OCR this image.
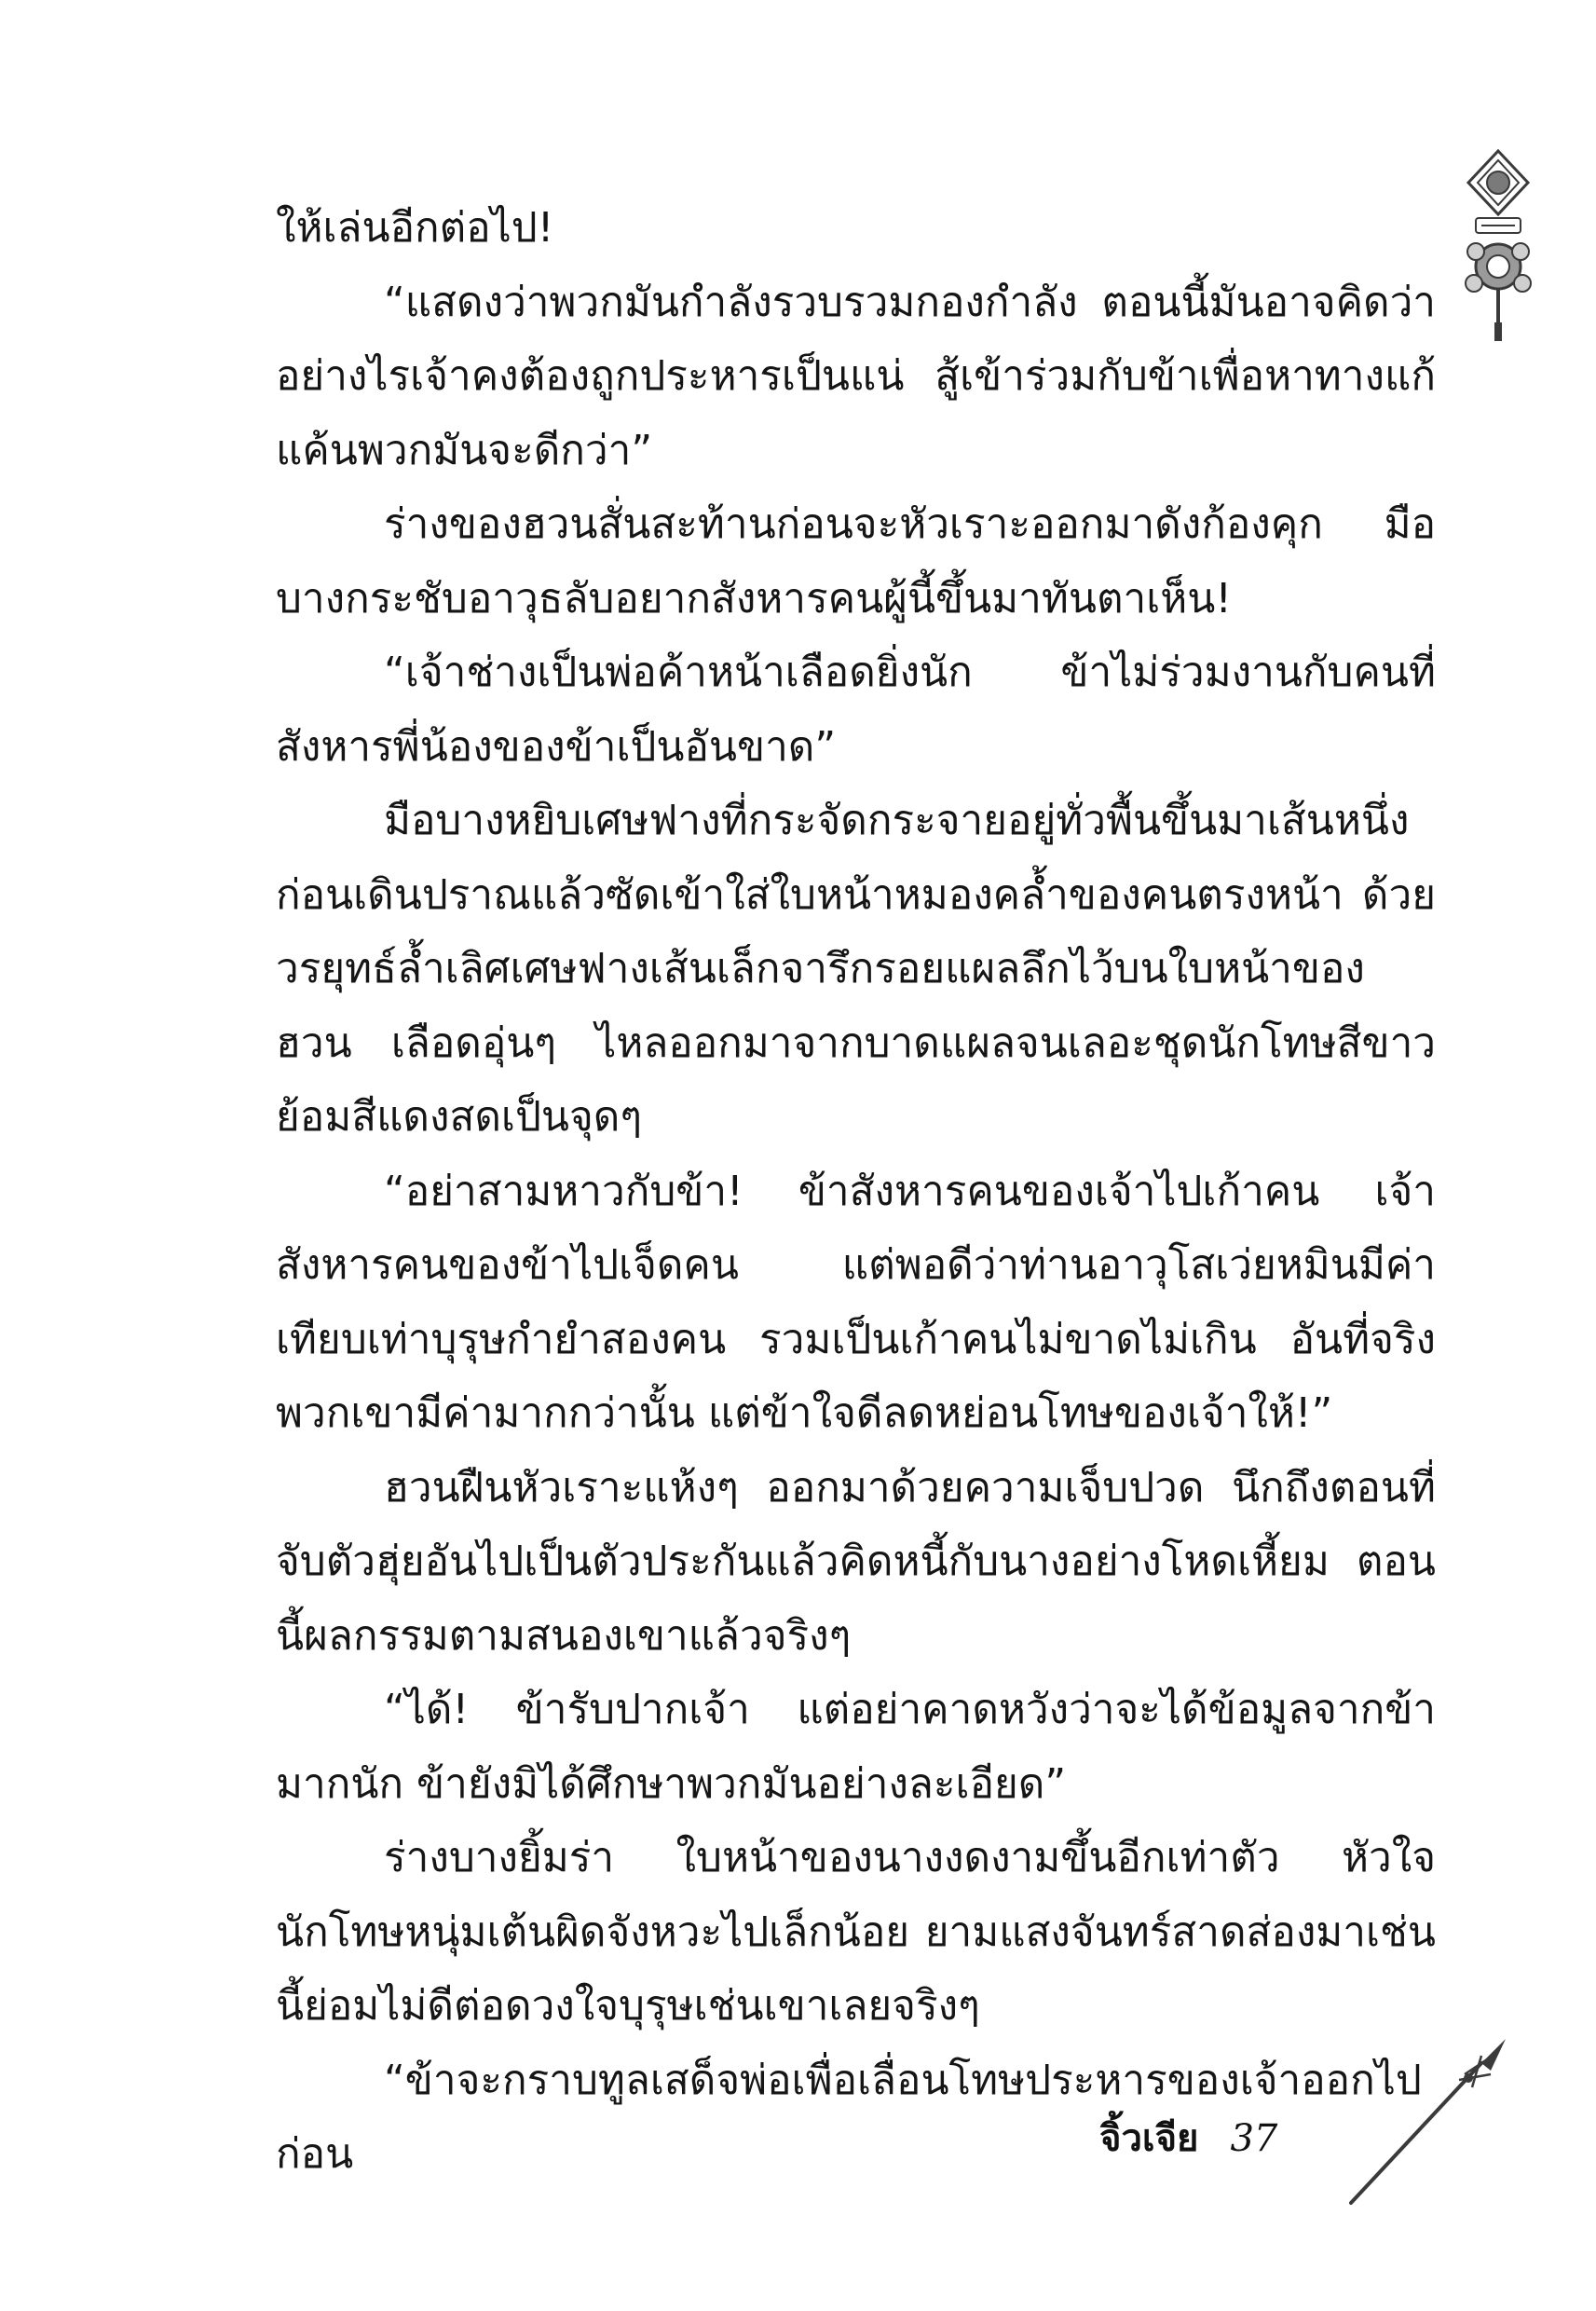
ให้เล่นอีกต่อไป!

“แสดงว่าพวกมันกำลังรวบรวมกองกำลัง ตอนนี้มันอาจคิดว่าอย่างไรเจ้าคงต้องถูกประหารเป็นแน่ สู้เข้าร่วมกับข้าเพื่อหาทางแก้แค้นพวกมันจะดีกว่า”

ร่างของฮวนสั่นสะท้านก่อนจะหัวเราะออกมาดังก้องคุก มือบางกระชับอาวุธลับอยากสังหารคนผู้นี้ขึ้นมาทันตาเห็น!

“เจ้าช่างเป็นพ่อค้าหน้าเลือดยิ่งนัก ข้าไม่ร่วมงานกับคนที่สังหารพี่น้องของข้าเป็นอันขาด”

มือบางหยิบเศษฟางที่กระจัดกระจายอยู่ทั่วพื้นขึ้นมาเส้นหนึ่งก่อนเดินปราณแล้วซัดเข้าใส่ใบหน้าหมองคล้ำของคนตรงหน้า ด้วยวรยุทธ์ล้ำเลิศเศษฟางเส้นเล็กจารึกรอยแผลลึกไว้บนใบหน้าของฮวน เลือดอุ่นๆ ไหลออกมาจากบาดแผลจนเลอะชุดนักโทษสีขาวย้อมสีแดงสดเป็นจุดๆ

“อย่าสามหาวกับข้า! ข้าสังหารคนของเจ้าไปเก้าคน เจ้าสังหารคนของข้าไปเจ็ดคน แต่พอดีว่าท่านอาวุโสเว่ยหมินมีค่าเทียบเท่าบุรุษกำยำสองคน รวมเป็นเก้าคนไม่ขาดไม่เกิน อันที่จริงพวกเขามีค่ามากกว่านั้น แต่ข้าใจดีลดหย่อนโทษของเจ้าให้!”

ฮวนฝืนหัวเราะแห้งๆ ออกมาด้วยความเจ็บปวด นึกถึงตอนที่จับตัวฮุ่ยอันไปเป็นตัวประกันแล้วคิดหนี้กับนางอย่างโหดเหี้ยม ตอนนี้ผลกรรมตามสนองเขาแล้วจริงๆ

“ได้! ข้ารับปากเจ้า แต่อย่าคาดหวังว่าจะได้ข้อมูลจากข้ามากนัก ข้ายังมิได้ศึกษาพวกมันอย่างละเอียด”

ร่างบางยิ้มร่า ใบหน้าของนางงดงามขึ้นอีกเท่าตัว หัวใจนักโทษหนุ่มเต้นผิดจังหวะไปเล็กน้อย ยามแสงจันทร์สาดส่องมาเช่นนี้ย่อมไม่ดีต่อดวงใจบุรุษเช่นเขาเลยจริงๆ

“ข้าจะกราบทูลเสด็จพ่อเพื่อเลื่อนโทษประหารของเจ้าออกไปก่อน	จิ้วเจีย 37
